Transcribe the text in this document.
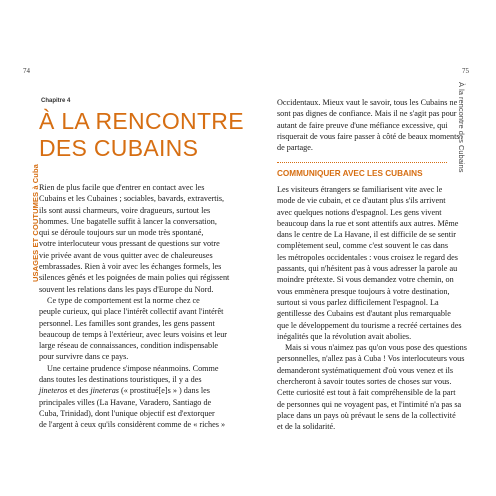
74	75
USAGES ET COUTUMES à Cuba
À la rencontre des Cubains
Chapitre 4
À LA RENCONTRE
DES CUBAINS
Rien de plus facile que d'entrer en contact avec les
Cubains et les Cubaines ; sociables, bavards, extravertis,
ils sont aussi charmeurs, voire dragueurs, surtout les
hommes. Une bagatelle suffit à lancer la conversation,
qui se déroule toujours sur un mode très spontané,
votre interlocuteur vous pressant de questions sur votre
vie privée avant de vous quitter avec de chaleureuses
embrassades. Rien à voir avec les échanges formels, les
silences gênés et les poignées de main polies qui régissent
souvent les relations dans les pays d'Europe du Nord.
Ce type de comportement est la norme chez ce
peuple curieux, qui place l'intérêt collectif avant l'intérêt
personnel. Les familles sont grandes, les gens passent
beaucoup de temps à l'extérieur, avec leurs voisins et leur
large réseau de connaissances, condition indispensable
pour survivre dans ce pays.
Une certaine prudence s'impose néanmoins. Comme
dans toutes les destinations touristiques, il y a des
jineteros et des jineteras (« prostitué[e]s » ) dans les
principales villes (La Havane, Varadero, Santiago de
Cuba, Trinidad), dont l'unique objectif est d'extorquer
de l'argent à ceux qu'ils considèrent comme de « riches »
Occidentaux. Mieux vaut le savoir, tous les Cubains ne
sont pas dignes de confiance. Mais il ne s'agit pas pour
autant de faire preuve d'une méfiance excessive, qui
risquerait de vous faire passer à côté de beaux moments
de partage.
COMMUNIQUER AVEC LES CUBAINS
Les visiteurs étrangers se familiarisent vite avec le
mode de vie cubain, et ce d'autant plus s'ils arrivent
avec quelques notions d'espagnol. Les gens vivent
beaucoup dans la rue et sont attentifs aux autres. Même
dans le centre de La Havane, il est difficile de se sentir
complètement seul, comme c'est souvent le cas dans
les métropoles occidentales : vous croisez le regard des
passants, qui n'hésitent pas à vous adresser la parole au
moindre prétexte. Si vous demandez votre chemin, on
vous emmènera presque toujours à votre destination,
surtout si vous parlez difficilement l'espagnol. La
gentillesse des Cubains est d'autant plus remarquable
que le développement du tourisme a recréé certaines des
inégalités que la révolution avait abolies.
Mais si vous n'aimez pas qu'on vous pose des questions
personnelles, n'allez pas à Cuba ! Vos interlocuteurs vous
demanderont systématiquement d'où vous venez et ils
chercheront à savoir toutes sortes de choses sur vous.
Cette curiosité est tout à fait compréhensible de la part
de personnes qui ne voyagent pas, et l'intimité n'a pas sa
place dans un pays où prévaut le sens de la collectivité
et de la solidarité.
